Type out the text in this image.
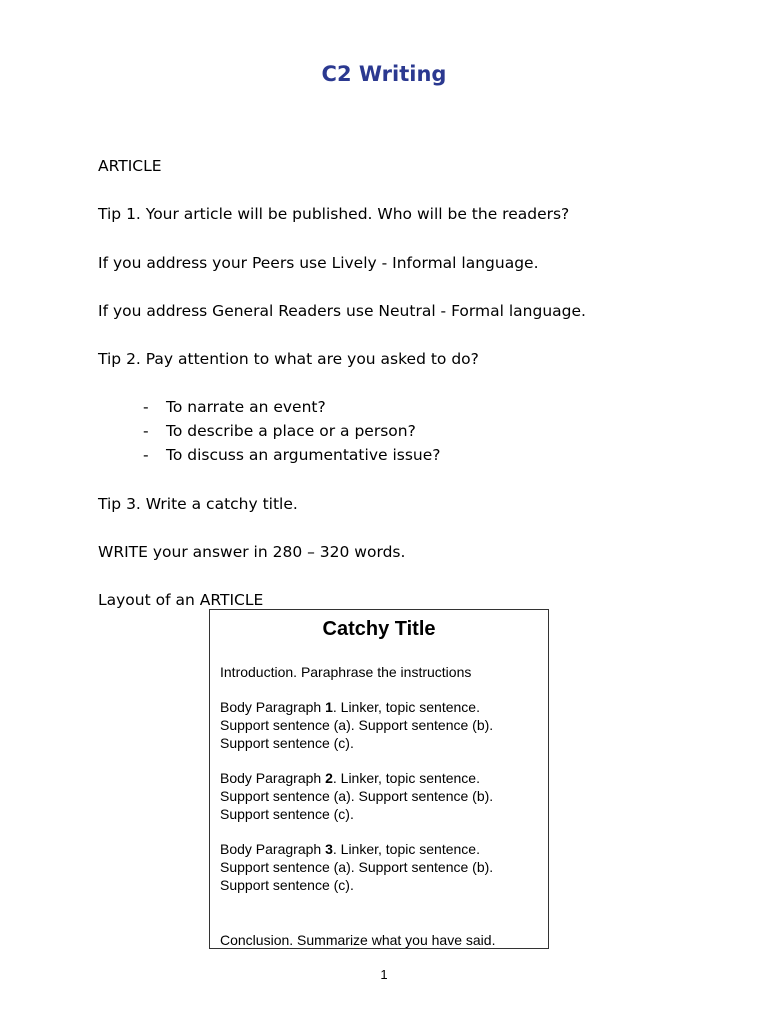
C2 Writing
ARTICLE
Tip 1. Your article will be published. Who will be the readers?
If you address your Peers use Lively - Informal language.
If you address General Readers use Neutral - Formal language.
Tip 2. Pay attention to what are you asked to do?
- To narrate an event?
- To describe a place or a person?
- To discuss an argumentative issue?
Tip 3. Write a catchy title.
WRITE your answer in 280 – 320 words.
Layout of an ARTICLE
Catchy Title
Introduction. Paraphrase the instructions
Body Paragraph 1. Linker, topic sentence.
Support sentence (a). Support sentence (b).
Support sentence (c).
Body Paragraph 2. Linker, topic sentence.
Support sentence (a). Support sentence (b).
Support sentence (c).
Body Paragraph 3. Linker, topic sentence.
Support sentence (a). Support sentence (b).
Support sentence (c).
Conclusion. Summarize what you have said.
1
